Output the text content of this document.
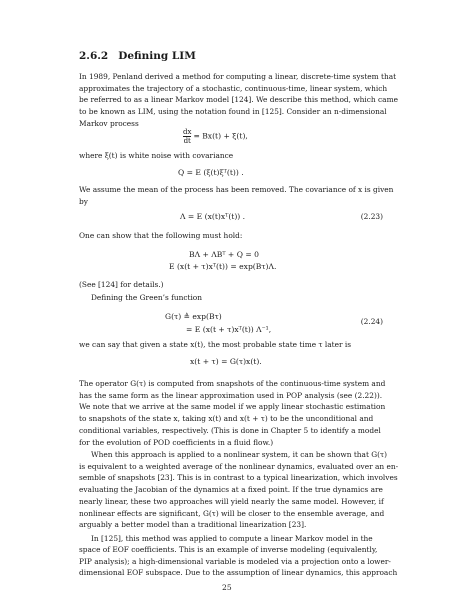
2.6.2 Defining LIM
In 1989, Penland derived a method for computing a linear, discrete-time system that
approximates the trajectory of a stochastic, continuous-time, linear system, which
be referred to as a linear Markov model [124]. We describe this method, which came
to be known as LIM, using the notation found in [125]. Consider an n-dimensional
Markov process
$\frac{dx}{dt} = Bx(t) + \xi(t)$,
where ξ(t) is white noise with covariance
Q = E (ξ(t)ξᵀ(t)) .
We assume the mean of the process has been removed. The covariance of x is given
by
Λ = E (x(t)xᵀ(t)) .	(2.23)
One can show that the following must hold:
BΛ + ΛBᵀ + Q = 0
E (x(t + τ)xᵀ(t)) = exp(Bτ)Λ.
(See [124] for details.)
Defining the Green’s function
G(τ) ≜ exp(Bτ)
= E (x(t + τ)xᵀ(t)) Λ⁻¹,
(2.24)
we can say that given a state x(t), the most probable state time τ later is
x(t + τ) = G(τ)x(t).
The operator G(τ) is computed from snapshots of the continuous-time system and
has the same form as the linear approximation used in POP analysis (see (2.22)).
We note that we arrive at the same model if we apply linear stochastic estimation
to snapshots of the state x, taking x(t) and x(t + τ) to be the unconditional and
conditional variables, respectively. (This is done in Chapter 5 to identify a model
for the evolution of POD coefficients in a fluid flow.)
When this approach is applied to a nonlinear system, it can be shown that G(τ)
is equivalent to a weighted average of the nonlinear dynamics, evaluated over an en-
semble of snapshots [23]. This is in contrast to a typical linearization, which involves
evaluating the Jacobian of the dynamics at a fixed point. If the true dynamics are
nearly linear, these two approaches will yield nearly the same model. However, if
nonlinear effects are significant, G(τ) will be closer to the ensemble average, and
arguably a better model than a traditional linearization [23].
In [125], this method was applied to compute a linear Markov model in the
space of EOF coefficients. This is an example of inverse modeling (equivalently,
PIP analysis); a high-dimensional variable is modeled via a projection onto a lower-
dimensional EOF subspace. Due to the assumption of linear dynamics, this approach
25
